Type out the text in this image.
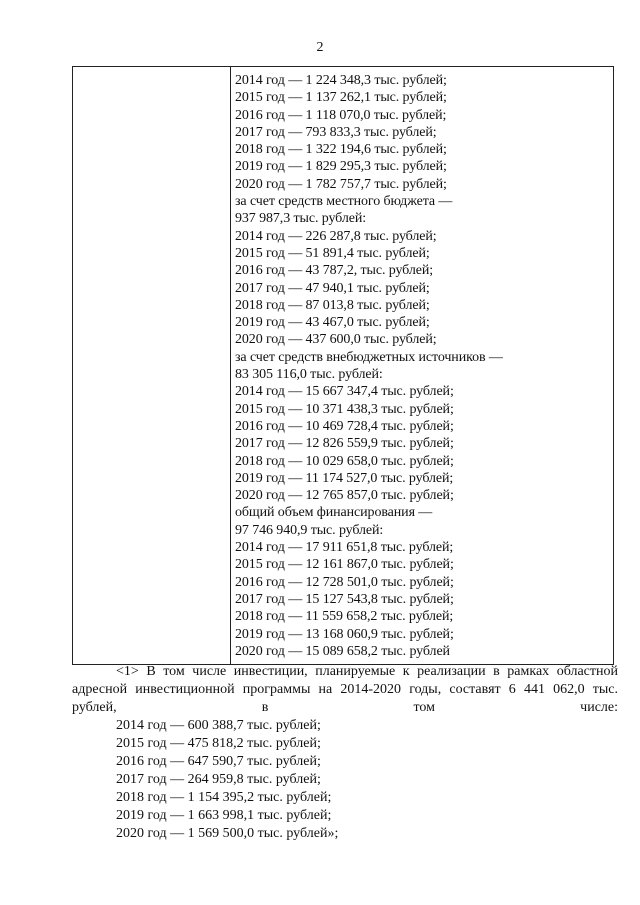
2

2014 год — 1 224 348,3 тыс. рублей;
2015 год — 1 137 262,1 тыс. рублей;
2016 год — 1 118 070,0 тыс. рублей;
2017 год — 793 833,3 тыс. рублей;
2018 год — 1 322 194,6 тыс. рублей;
2019 год — 1 829 295,3 тыс. рублей;
2020 год — 1 782 757,7 тыс. рублей;
за счет средств местного бюджета —
937 987,3 тыс. рублей:
2014 год — 226 287,8 тыс. рублей;
2015 год — 51 891,4 тыс. рублей;
2016 год — 43 787,2, тыс. рублей;
2017 год — 47 940,1 тыс. рублей;
2018 год — 87 013,8 тыс. рублей;
2019 год — 43 467,0 тыс. рублей;
2020 год — 437 600,0 тыс. рублей;
за счет средств внебюджетных источников —
83 305 116,0 тыс. рублей:
2014 год — 15 667 347,4 тыс. рублей;
2015 год — 10 371 438,3 тыс. рублей;
2016 год — 10 469 728,4 тыс. рублей;
2017 год — 12 826 559,9 тыс. рублей;
2018 год — 10 029 658,0 тыс. рублей;
2019 год — 11 174 527,0 тыс. рублей;
2020 год — 12 765 857,0 тыс. рублей;
общий объем финансирования —
97 746 940,9 тыс. рублей:
2014 год — 17 911 651,8 тыс. рублей;
2015 год — 12 161 867,0 тыс. рублей;
2016 год — 12 728 501,0 тыс. рублей;
2017 год — 15 127 543,8 тыс. рублей;
2018 год — 11 559 658,2 тыс. рублей;
2019 год — 13 168 060,9 тыс. рублей;
2020 год — 15 089 658,2 тыс. рублей

<1> В том числе инвестиции, планируемые к реализации в рамках областной адресной инвестиционной программы на 2014-2020 годы, составят 6 441 062,0 тыс. рублей, в том числе:

2014 год — 600 388,7 тыс. рублей;
2015 год — 475 818,2 тыс. рублей;
2016 год — 647 590,7 тыс. рублей;
2017 год — 264 959,8 тыс. рублей;
2018 год — 1 154 395,2 тыс. рублей;
2019 год — 1 663 998,1 тыс. рублей;
2020 год — 1 569 500,0 тыс. рублей»;
